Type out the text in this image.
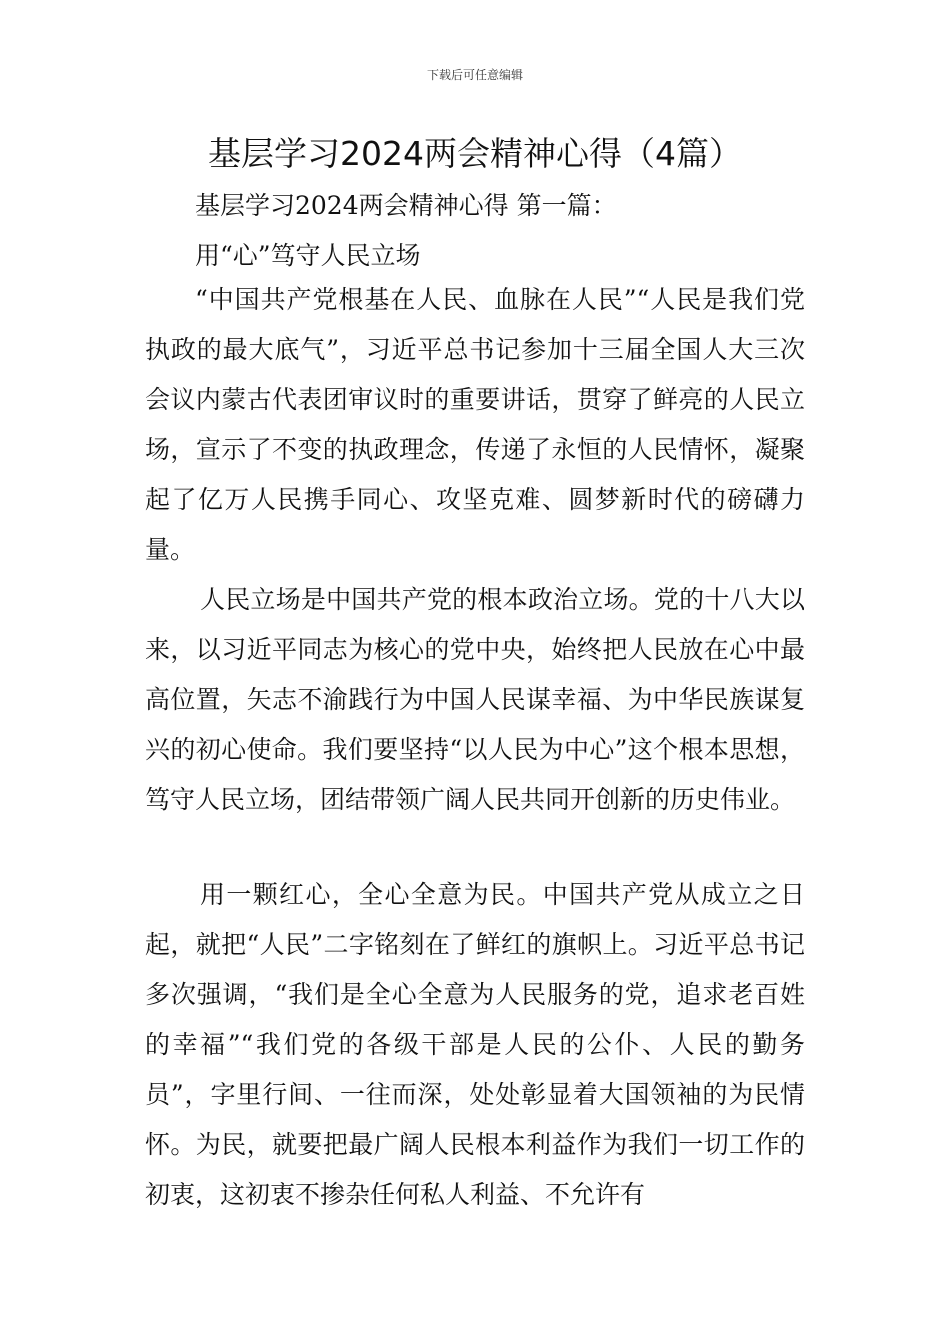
下载后可任意编辑
基层学习2024两会精神心得（4篇）
基层学习2024两会精神心得 第一篇：
用“心”笃守人民立场

“中国共产党根基在人民、血脉在人民”“人民是我们党执政的最大底气”，习近平总书记参加十三届全国人大三次会议内蒙古代表团审议时的重要讲话，贯穿了鲜亮的人民立场，宣示了不变的执政理念，传递了永恒的人民情怀，凝聚起了亿万人民携手同心、攻坚克难、圆梦新时代的磅礴力量。

人民立场是中国共产党的根本政治立场。党的十八大以来，以习近平同志为核心的党中央，始终把人民放在心中最高位置，矢志不渝践行为中国人民谋幸福、为中华民族谋复兴的初心使命。我们要坚持“以人民为中心”这个根本思想，笃守人民立场，团结带领广阔人民共同开创新的历史伟业。

用一颗红心，全心全意为民。中国共产党从成立之日起，就把“人民”二字铭刻在了鲜红的旗帜上。习近平总书记多次强调，“我们是全心全意为人民服务的党，追求老百姓的幸福”“我们党的各级干部是人民的公仆、人民的勤务员”，字里行间、一往而深，处处彰显着大国领袖的为民情怀。为民，就要把最广阔人民根本利益作为我们一切工作的初衷，这初衷不掺杂任何私人利益、不允许有
